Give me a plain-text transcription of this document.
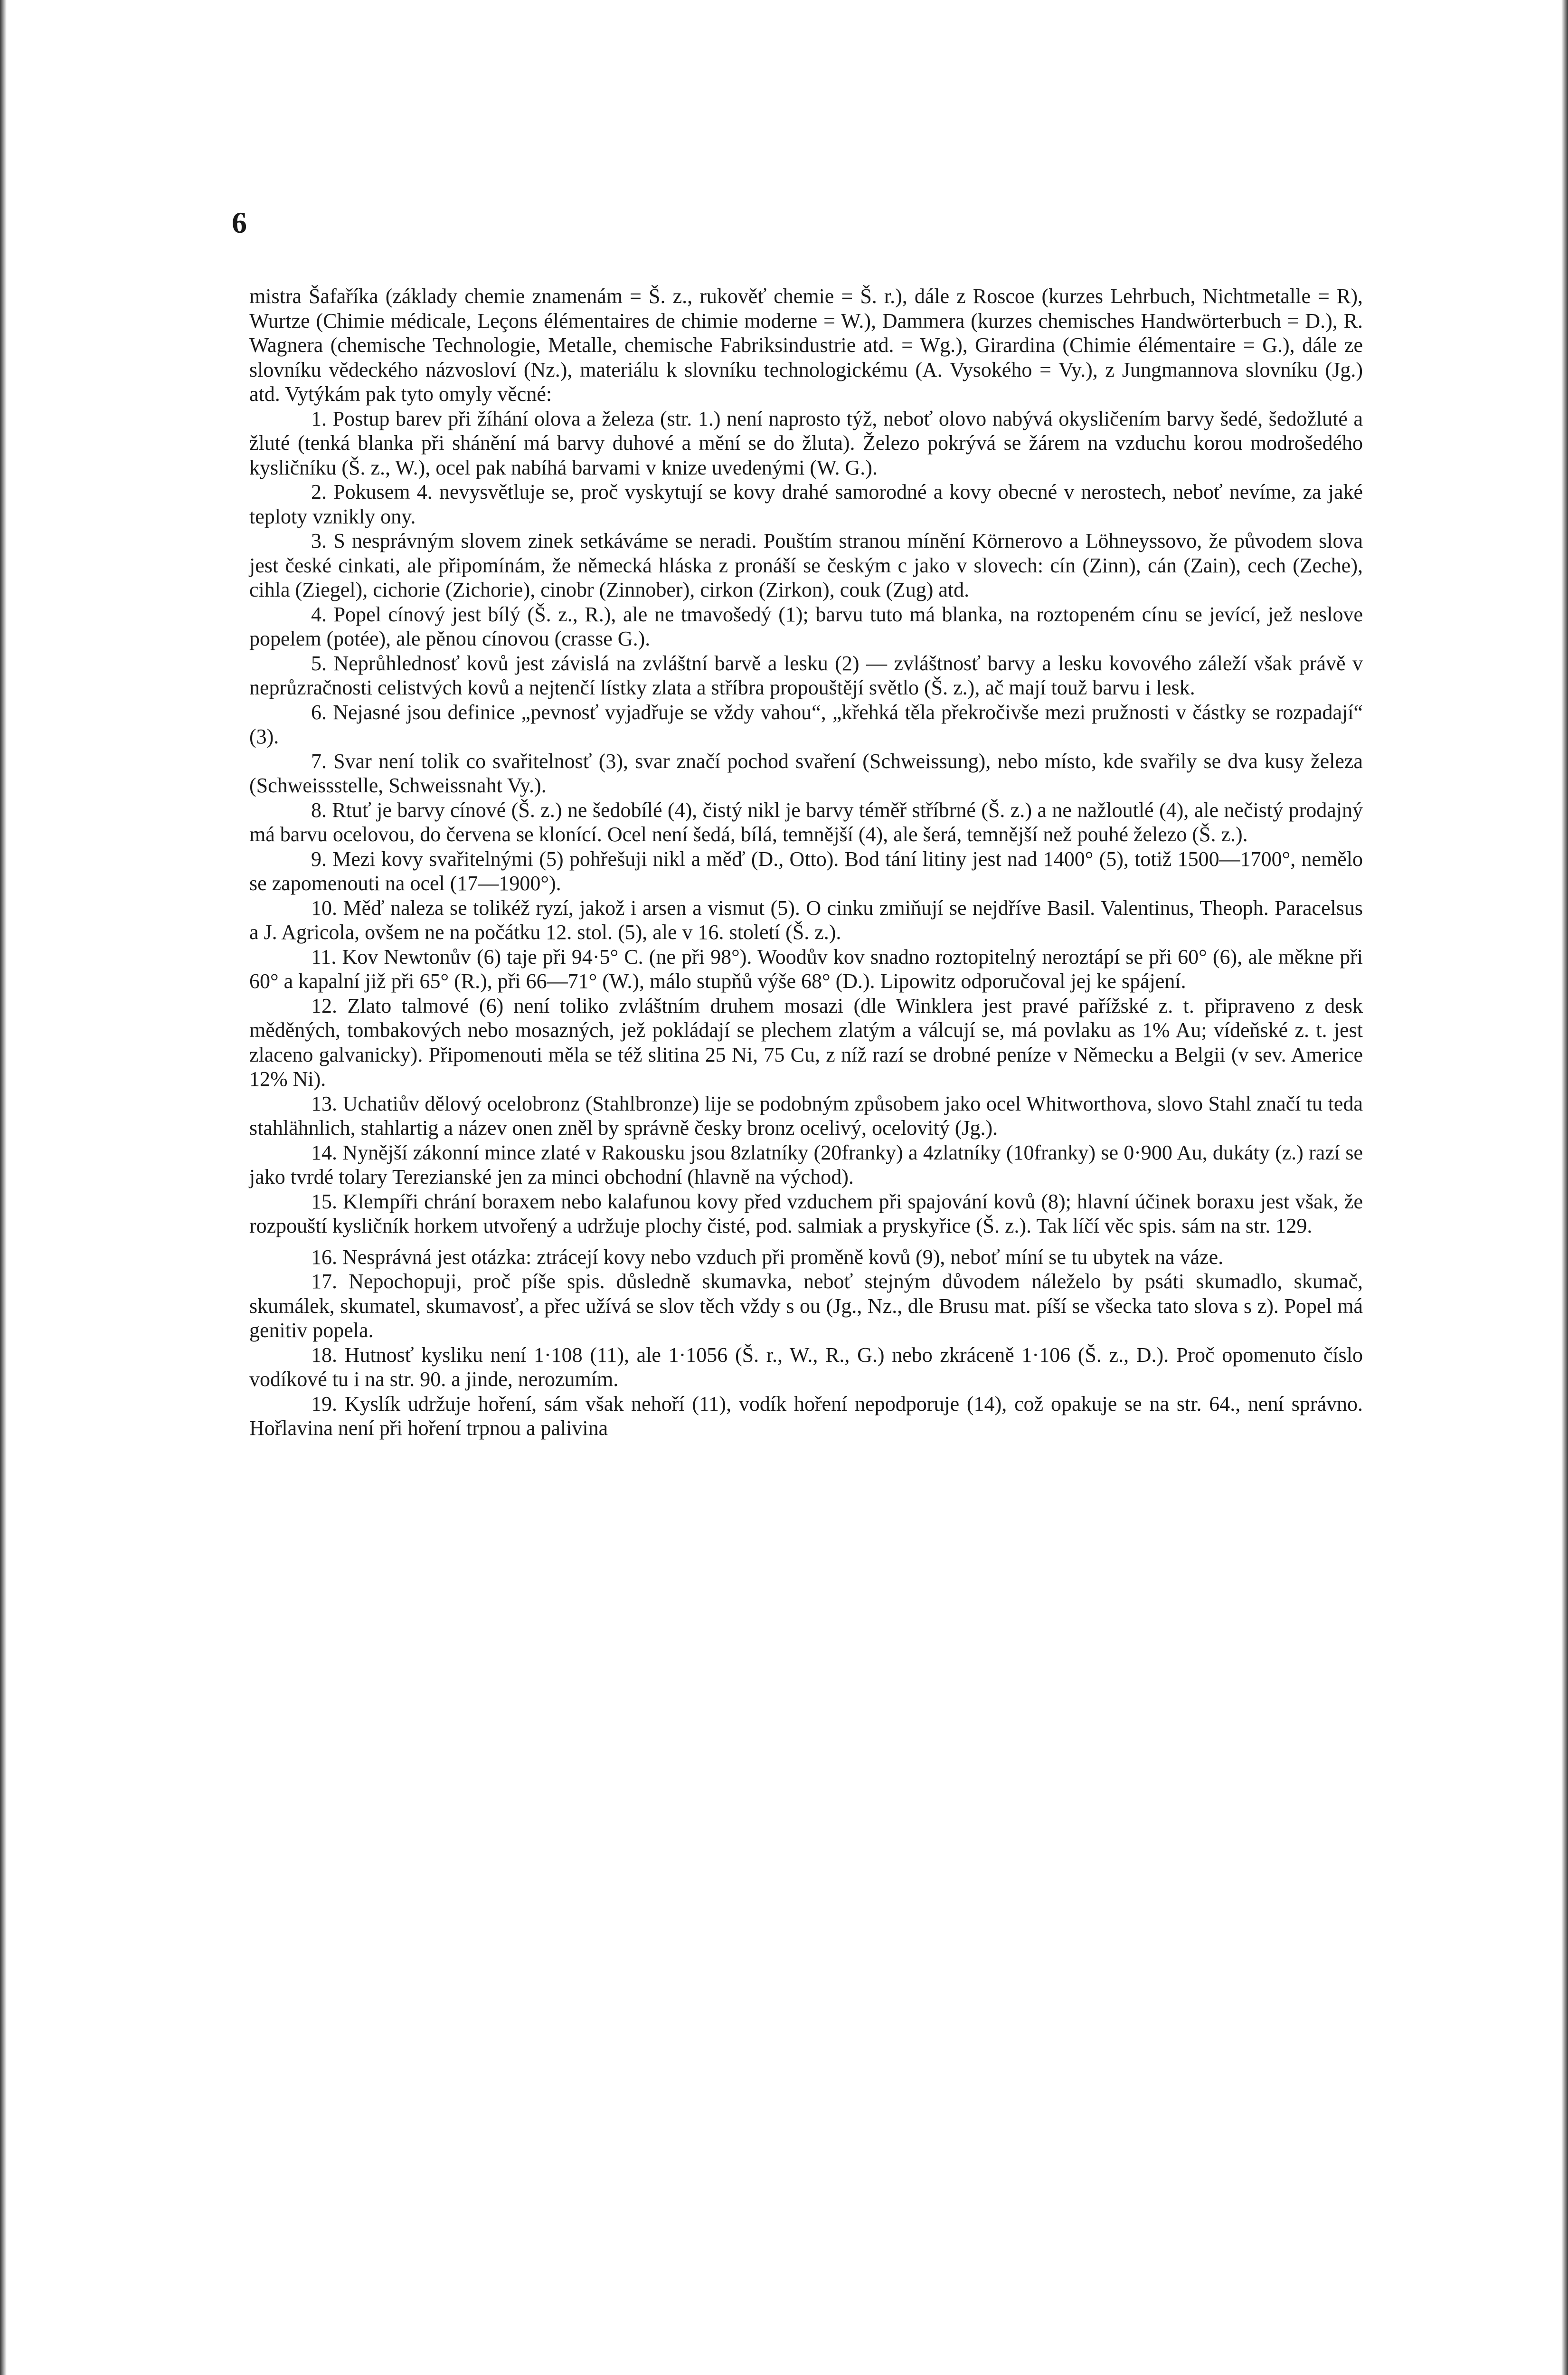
6

mistra Šafaříka (základy chemie znamenám = Š. z., rukověť chemie = Š. r.), dále z Roscoe (kurzes Lehrbuch, Nichtmetalle = R), Wurtze (Chimie médicale, Leçons élémentaires de chimie moderne = W.), Dammera (kurzes chemisches Handwörterbuch = D.), R. Wagnera (chemische Technologie, Metalle, chemische Fabriksindustrie atd. = Wg.), Girardina (Chimie élémentaire = G.), dále ze slovníku vědeckého názvosloví (Nz.), materiálu k slovníku technologickému (A. Vysokého = Vy.), z Jungmannova slovníku (Jg.) atd. Vytýkám pak tyto omyly věcné:

1. Postup barev při žíhání olova a železa (str. 1.) není naprosto týž, neboť olovo nabývá okysličením barvy šedé, šedožluté a žluté (tenká blanka při shánění má barvy duhové a mění se do žluta). Železo pokrývá se žárem na vzduchu korou modrošedého kysličníku (Š. z., W.), ocel pak nabíhá barvami v knize uvedenými (W. G.).

2. Pokusem 4. nevysvětluje se, proč vyskytují se kovy drahé samorodné a kovy obecné v nerostech, neboť nevíme, za jaké teploty vznikly ony.

3. S nesprávným slovem zinek setkáváme se neradi. Pouštím stranou mínění Körnerovo a Löhneyssovo, že původem slova jest české cinkati, ale připomínám, že německá hláska z pronáší se českým c jako v slovech: cín (Zinn), cán (Zain), cech (Zeche), cihla (Ziegel), cichorie (Zichorie), cinobr (Zinnober), cirkon (Zirkon), couk (Zug) atd.

4. Popel cínový jest bílý (Š. z., R.), ale ne tmavošedý (1); barvu tuto má blanka, na roztopeném cínu se jevící, jež neslove popelem (potée), ale pěnou cínovou (crasse G.).

5. Neprůhlednosť kovů jest závislá na zvláštní barvě a lesku (2) — zvláštnosť barvy a lesku kovového záleží však právě v neprůzračnosti celistvých kovů a nejtenčí lístky zlata a stříbra propouštějí světlo (Š. z.), ač mají touž barvu i lesk.

6. Nejasné jsou definice „pevnosť vyjadřuje se vždy vahou“, „křehká těla překročivše mezi pružnosti v částky se rozpadají“ (3).

7. Svar není tolik co svařitelnosť (3), svar značí pochod svaření (Schweissung), nebo místo, kde svařily se dva kusy železa (Schweissstelle, Schweissnaht Vy.).

8. Rtuť je barvy cínové (Š. z.) ne šedobílé (4), čistý nikl je barvy téměř stříbrné (Š. z.) a ne nažloutlé (4), ale nečistý prodajný má barvu ocelovou, do červena se klonící. Ocel není šedá, bílá, temnější (4), ale šerá, temnější než pouhé železo (Š. z.).

9. Mezi kovy svařitelnými (5) pohřešuji nikl a měď (D., Otto). Bod tání litiny jest nad 1400° (5), totiž 1500—1700°, nemělo se zapomenouti na ocel (17—1900°).

10. Měď naleza se tolikéž ryzí, jakož i arsen a vismut (5). O cinku zmiňují se nejdříve Basil. Valentinus, Theoph. Paracelsus a J. Agricola, ovšem ne na počátku 12. stol. (5), ale v 16. století (Š. z.).

11. Kov Newtonův (6) taje při 94·5° C. (ne při 98°). Woodův kov snadno roztopitelný neroztápí se při 60° (6), ale měkne při 60° a kapalní již při 65° (R.), při 66—71° (W.), málo stupňů výše 68° (D.). Lipowitz odporučoval jej ke spájení.

12. Zlato talmové (6) není toliko zvláštním druhem mosazi (dle Winklera jest pravé pařížské z. t. připraveno z desk měděných, tombakových nebo mosazných, jež pokládají se plechem zlatým a válcují se, má povlaku as 1% Au; vídeňské z. t. jest zlaceno galvanicky). Připomenouti měla se též slitina 25 Ni, 75 Cu, z níž razí se drobné peníze v Německu a Belgii (v sev. Americe 12% Ni).

13. Uchatiův dělový ocelobronz (Stahlbronze) lije se podobným způsobem jako ocel Whitworthova, slovo Stahl značí tu teda stahlähnlich, stahlartig a název onen zněl by správně česky bronz ocelivý, ocelovitý (Jg.).

14. Nynější zákonní mince zlaté v Rakousku jsou 8zlatníky (20franky) a 4zlatníky (10franky) se 0·900 Au, dukáty (z.) razí se jako tvrdé tolary Terezianské jen za minci obchodní (hlavně na východ).

15. Klempíři chrání boraxem nebo kalafunou kovy před vzduchem při spajování kovů (8); hlavní účinek boraxu jest však, že rozpouští kysličník horkem utvořený a udržuje plochy čisté, pod. salmiak a pryskyřice (Š. z.). Tak líčí věc spis. sám na str. 129.

16. Nesprávná jest otázka: ztrácejí kovy nebo vzduch při proměně kovů (9), neboť míní se tu ubytek na váze.

17. Nepochopuji, proč píše spis. důsledně skumavka, neboť stejným důvodem náleželo by psáti skumadlo, skumač, skumálek, skumatel, skumavosť, a přec užívá se slov těch vždy s ou (Jg., Nz., dle Brusu mat. píší se všecka tato slova s z). Popel má genitiv popela.

18. Hutnosť kysliku není 1·108 (11), ale 1·1056 (Š. r., W., R., G.) nebo zkráceně 1·106 (Š. z., D.). Proč opomenuto číslo vodíkové tu i na str. 90. a jinde, nerozumím.

19. Kyslík udržuje hoření, sám však nehoří (11), vodík hoření nepodporuje (14), což opakuje se na str. 64., není správno. Hořlavina není při hoření trpnou a palivina
